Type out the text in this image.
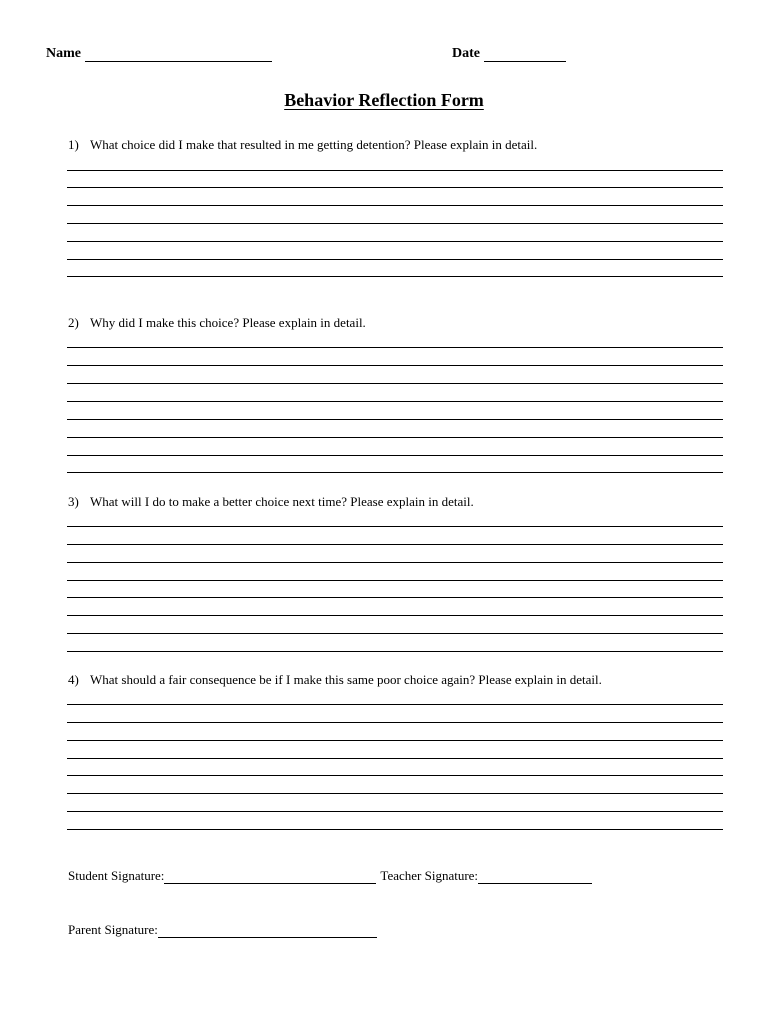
Name	Date
Behavior Reflection Form
1) What choice did I make that resulted in me getting detention? Please explain in detail.
2) Why did I make this choice? Please explain in detail.
3) What will I do to make a better choice next time? Please explain in detail.
4) What should a fair consequence be if I make this same poor choice again? Please explain in detail.
Student Signature:	Teacher Signature:
Parent Signature:
